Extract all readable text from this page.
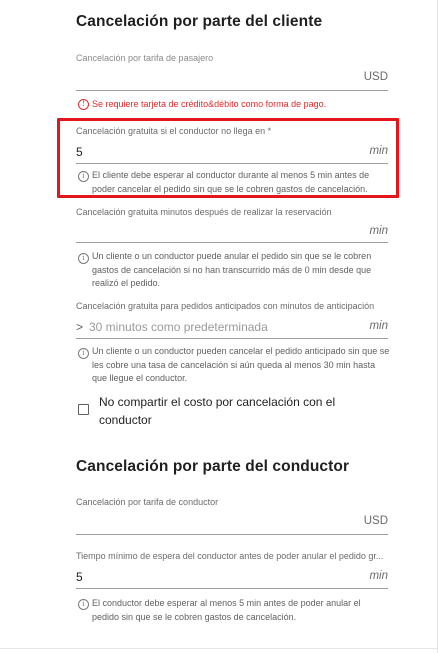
Cancelación por parte del cliente
Cancelación por tarifa de pasajero
USD
! Se requiere tarjeta de crédito&débito como forma de pago.
Cancelación gratuita si el conductor no llega en *
5	min
i El cliente debe esperar al conductor durante al menos 5 min antes de poder cancelar el pedido sin que se le cobren gastos de cancelación.
Cancelación gratuita minutos después de realizar la reservación
min
i Un cliente o un conductor puede anular el pedido sin que se le cobren gastos de cancelación si no han transcurrido más de 0 min desde que realizó el pedido.
Cancelación gratuita para pedidos anticipados con minutos de anticipación
> 30 minutos como predeterminada	min
i Un cliente o un conductor pueden cancelar el pedido anticipado sin que se les cobre una tasa de cancelación si aún queda al menos 30 min hasta que llegue el conductor.
No compartir el costo por cancelación con el conductor
Cancelación por parte del conductor
Cancelación por tarifa de conductor
USD
Tiempo mínimo de espera del conductor antes de poder anular el pedido gr...
5	min
i El conductor debe esperar al menos 5 min antes de poder anular el pedido sin que se le cobren gastos de cancelación.
